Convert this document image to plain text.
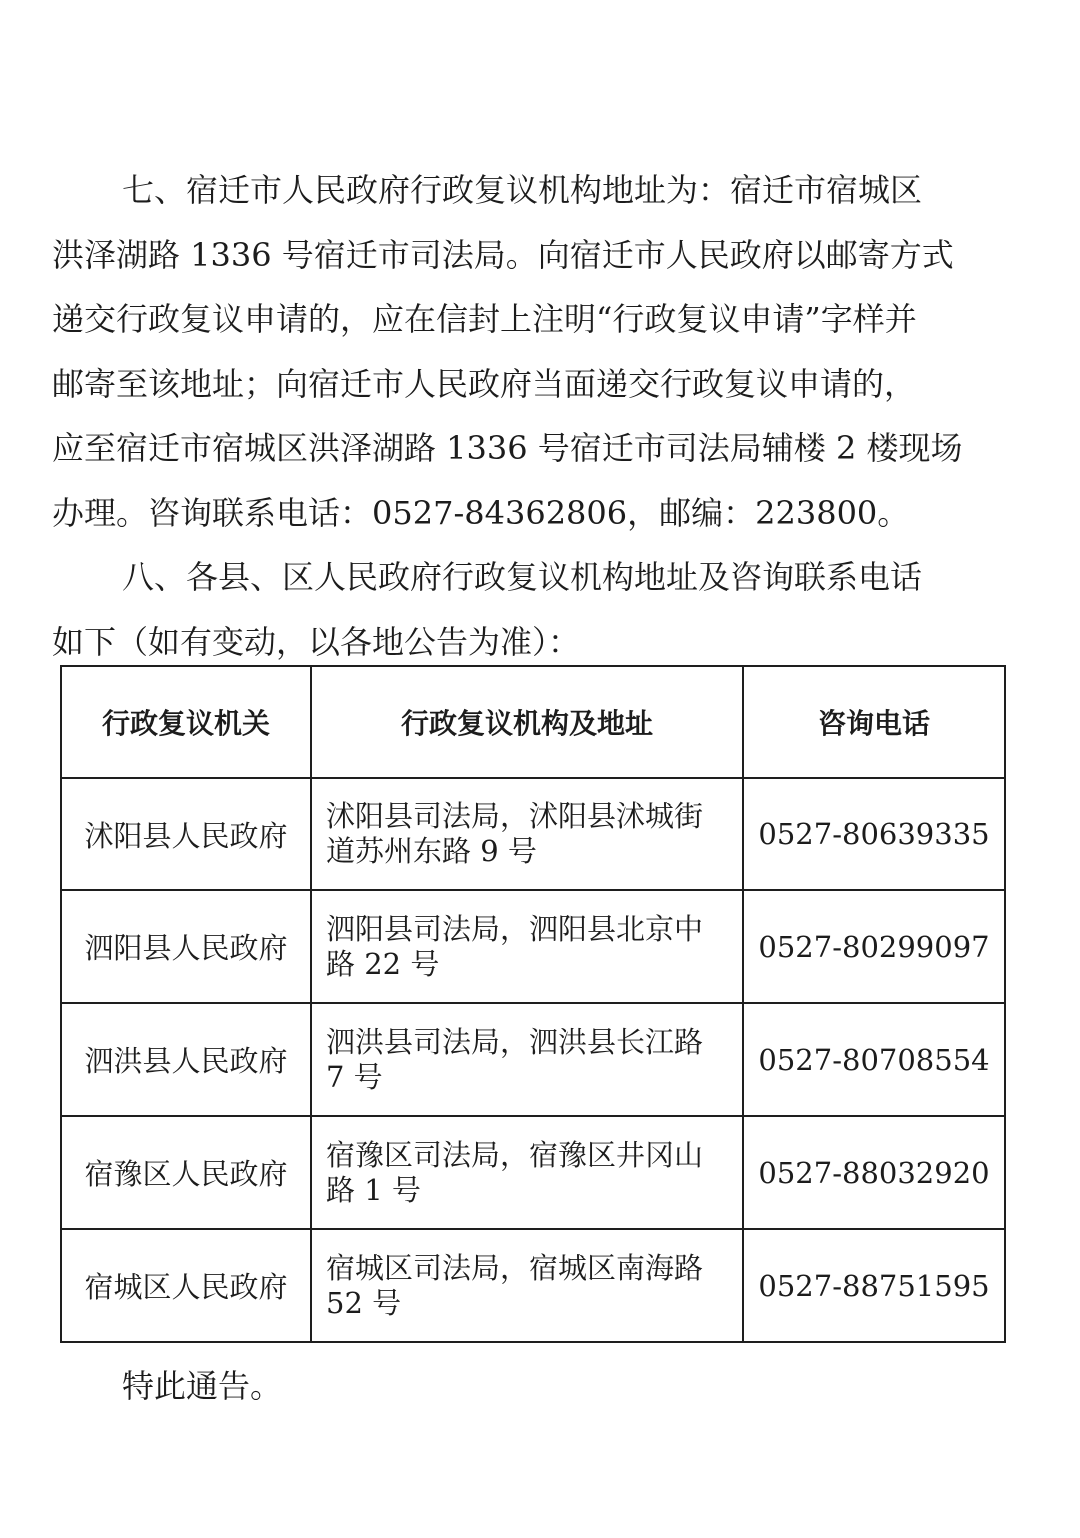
七、宿迁市人民政府行政复议机构地址为：宿迁市宿城区
洪泽湖路 1336 号宿迁市司法局。向宿迁市人民政府以邮寄方式
递交行政复议申请的，应在信封上注明“行政复议申请”字样并
邮寄至该地址；向宿迁市人民政府当面递交行政复议申请的，
应至宿迁市宿城区洪泽湖路 1336 号宿迁市司法局辅楼 2 楼现场
办理。咨询联系电话：0527-84362806，邮编：223800。

八、各县、区人民政府行政复议机构地址及咨询联系电话
如下（如有变动，以各地公告为准）：

行政复议机关	行政复议机构及地址	咨询电话
沭阳县人民政府	沭阳县司法局，沭阳县沭城街
道苏州东路 9 号	0527-80639335
泗阳县人民政府	泗阳县司法局，泗阳县北京中
路 22 号	0527-80299097
泗洪县人民政府	泗洪县司法局，泗洪县长江路
7 号	0527-80708554
宿豫区人民政府	宿豫区司法局，宿豫区井冈山
路 1 号	0527-88032920
宿城区人民政府	宿城区司法局，宿城区南海路
52 号	0527-88751595
特此通告。
